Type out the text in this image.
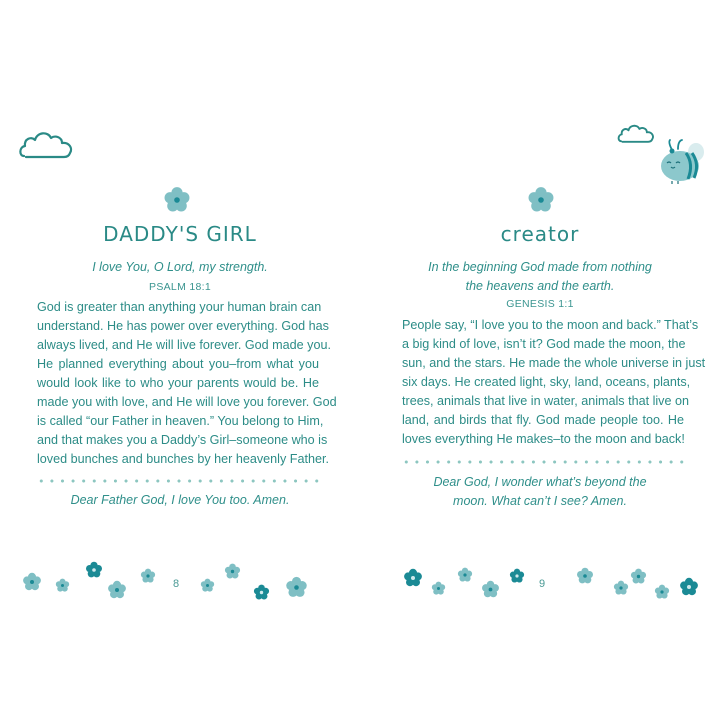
DADDY'S GIRL
I love You, O Lord, my strength.
PSALM 18:1
God is greater than anything your human brain can
understand. He has power over everything. God has
always lived, and He will live forever. God made you.
He planned everything about you–from what you
would look like to who your parents would be. He
made you with love, and He will love you forever. God
is called “our Father in heaven.” You belong to Him,
and that makes you a Daddy’s Girl–someone who is
loved bunches and bunches by her heavenly Father.
Dear Father God, I love You too. Amen.
8
creator
In the beginning God made from nothing
the heavens and the earth.
GENESIS 1:1
People say, “I love you to the moon and back.” That’s
a big kind of love, isn’t it? God made the moon, the
sun, and the stars. He made the whole universe in just
six days. He created light, sky, land, oceans, plants,
trees, animals that live in water, animals that live on
land, and birds that fly. God made people too. He
loves everything He makes–to the moon and back!
Dear God, I wonder what’s beyond the
moon. What can’t I see? Amen.
9
